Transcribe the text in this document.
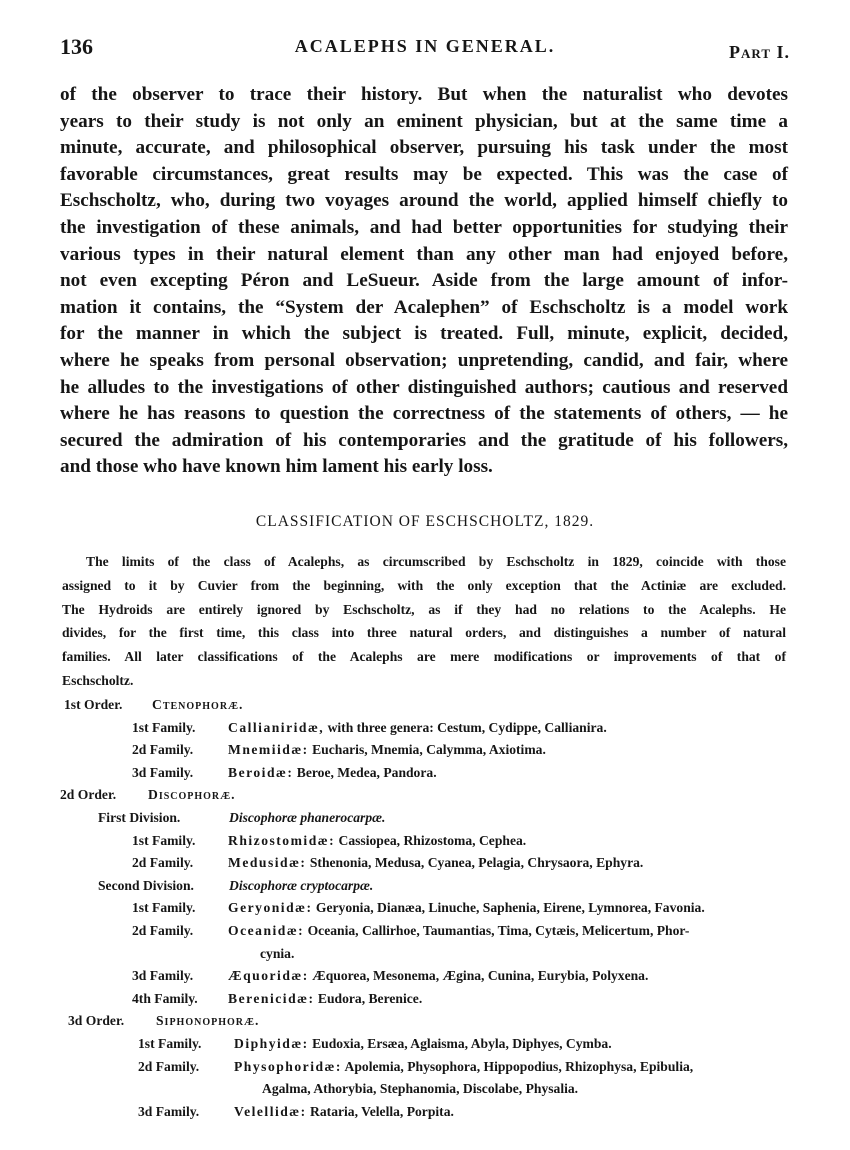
136	ACALEPHS IN GENERAL.	Part I.
of the observer to trace their history. But when the naturalist who devotes
years to their study is not only an eminent physician, but at the same time a
minute, accurate, and philosophical observer, pursuing his task under the most
favorable circumstances, great results may be expected. This was the case of
Eschscholtz, who, during two voyages around the world, applied himself chiefly to
the investigation of these animals, and had better opportunities for studying their
various types in their natural element than any other man had enjoyed before,
not even excepting Péron and LeSueur. Aside from the large amount of infor-
mation it contains, the “System der Acalephen” of Eschscholtz is a model work
for the manner in which the subject is treated. Full, minute, explicit, decided,
where he speaks from personal observation; unpretending, candid, and fair, where
he alludes to the investigations of other distinguished authors; cautious and reserved
where he has reasons to question the correctness of the statements of others, — he
secured the admiration of his contemporaries and the gratitude of his followers,
and those who have known him lament his early loss.
CLASSIFICATION OF ESCHSCHOLTZ, 1829.
The limits of the class of Acalephs, as circumscribed by Eschscholtz in 1829, coincide with those
assigned to it by Cuvier from the beginning, with the only exception that the Actiniæ are excluded.
The Hydroids are entirely ignored by Eschscholtz, as if they had no relations to the Acalephs. He
divides, for the first time, this class into three natural orders, and distinguishes a number of natural
families. All later classifications of the Acalephs are mere modifications or improvements of that of
Eschscholtz.
1st Order.	Ctenophoræ.
1st Family.	Callianiridæ, with three genera: Cestum, Cydippe, Callianira.
2d Family.	Mnemiidæ: Eucharis, Mnemia, Calymma, Axiotima.
3d Family.	Beroidæ: Beroe, Medea, Pandora.
2d Order.	Discophoræ.
First Division.	Discophoræ phanerocarpæ.
1st Family.	Rhizostomidæ: Cassiopea, Rhizostoma, Cephea.
2d Family.	Medusidæ: Sthenonia, Medusa, Cyanea, Pelagia, Chrysaora, Ephyra.
Second Division.	Discophoræ cryptocarpæ.
1st Family.	Geryonidæ: Geryonia, Dianæa, Linuche, Saphenia, Eirene, Lymnorea, Favonia.
2d Family.	Oceanidæ: Oceania, Callirhoe, Taumantias, Tima, Cytæis, Melicertum, Phor-
cynia.
3d Family.	Æquoridæ: Æquorea, Mesonema, Ægina, Cunina, Eurybia, Polyxena.
4th Family.	Berenicidæ: Eudora, Berenice.
3d Order.	Siphonophoræ.
1st Family.	Diphyidæ: Eudoxia, Ersæa, Aglaisma, Abyla, Diphyes, Cymba.
2d Family.	Physophoridæ: Apolemia, Physophora, Hippopodius, Rhizophysa, Epibulia,
Agalma, Athorybia, Stephanomia, Discolabe, Physalia.
3d Family.	Velellidæ: Rataria, Velella, Porpita.
